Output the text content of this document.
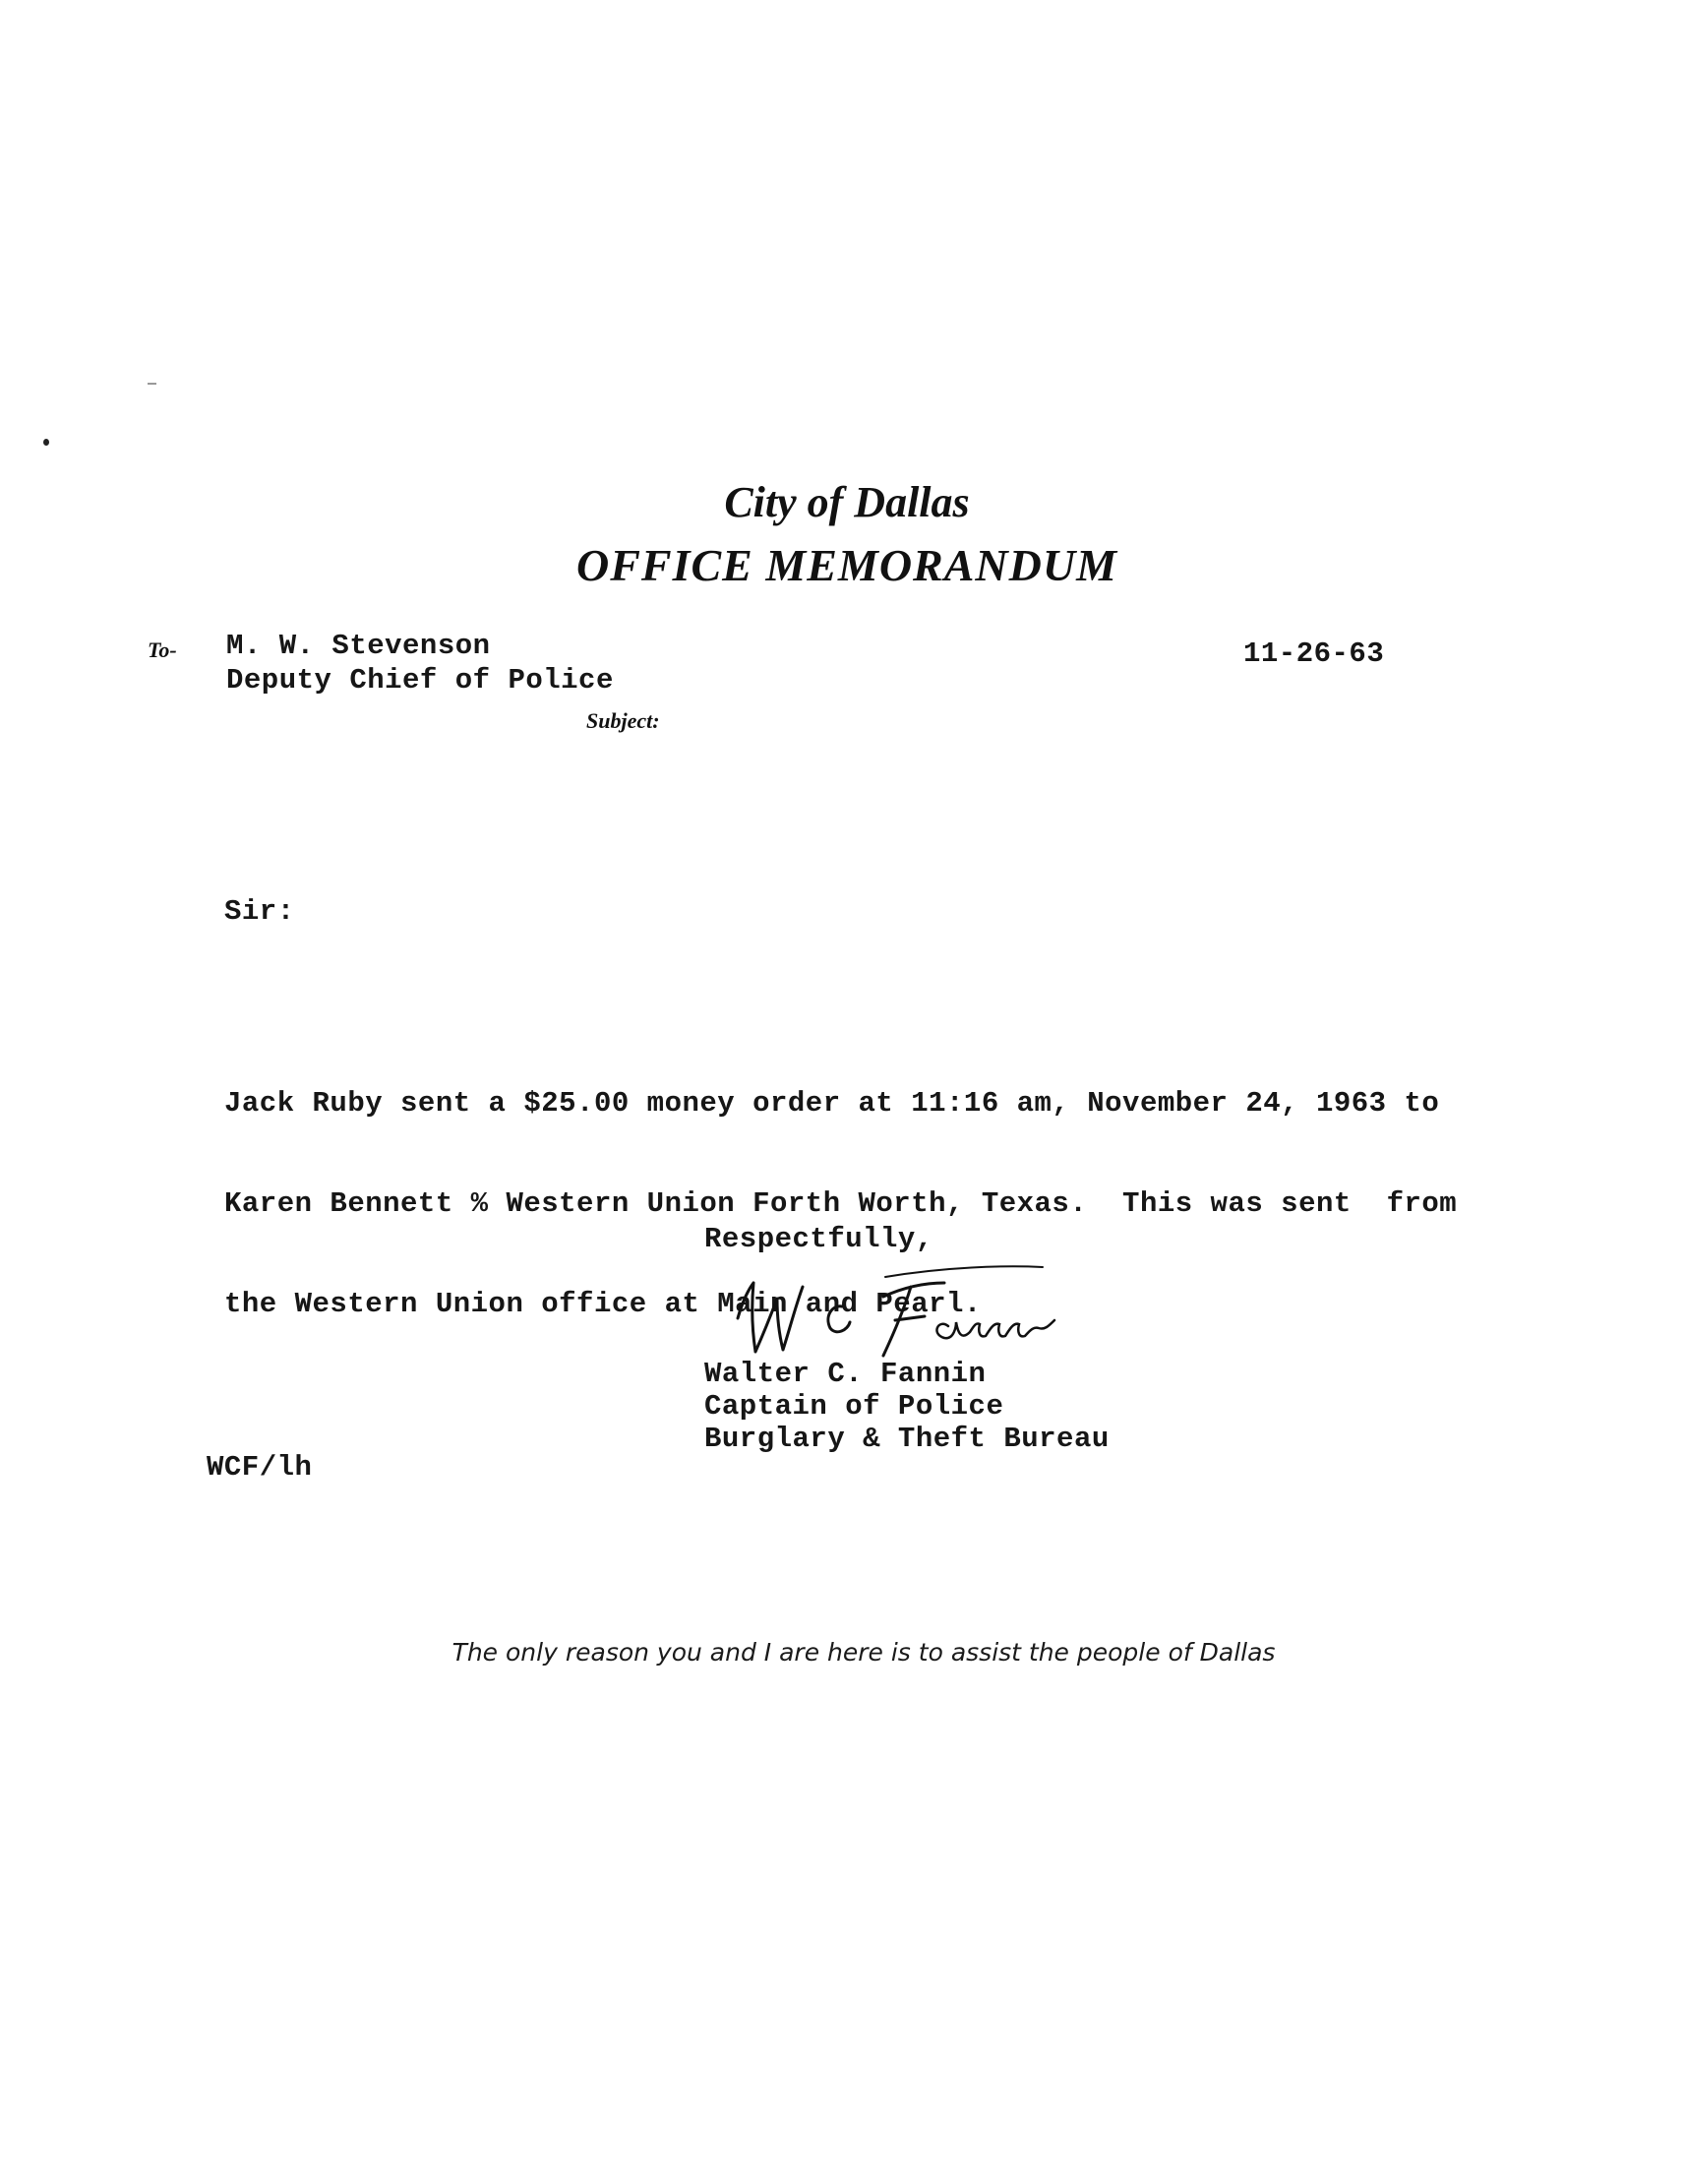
City of Dallas
OFFICE MEMORANDUM
To- M. W. Stevenson
Deputy Chief of Police
11-26-63
Subject:
Sir:

Jack Ruby sent a $25.00 money order at 11:16 am, November 24, 1963 to

Karen Bennett % Western Union Forth Worth, Texas.  This was sent  from

the Western Union office at Main and Pearl.

Respectfully,
Walter C. Fannin
Captain of Police
Burglary & Theft Bureau
WCF/lh
The only reason you and I are here is to assist the people of Dallas
